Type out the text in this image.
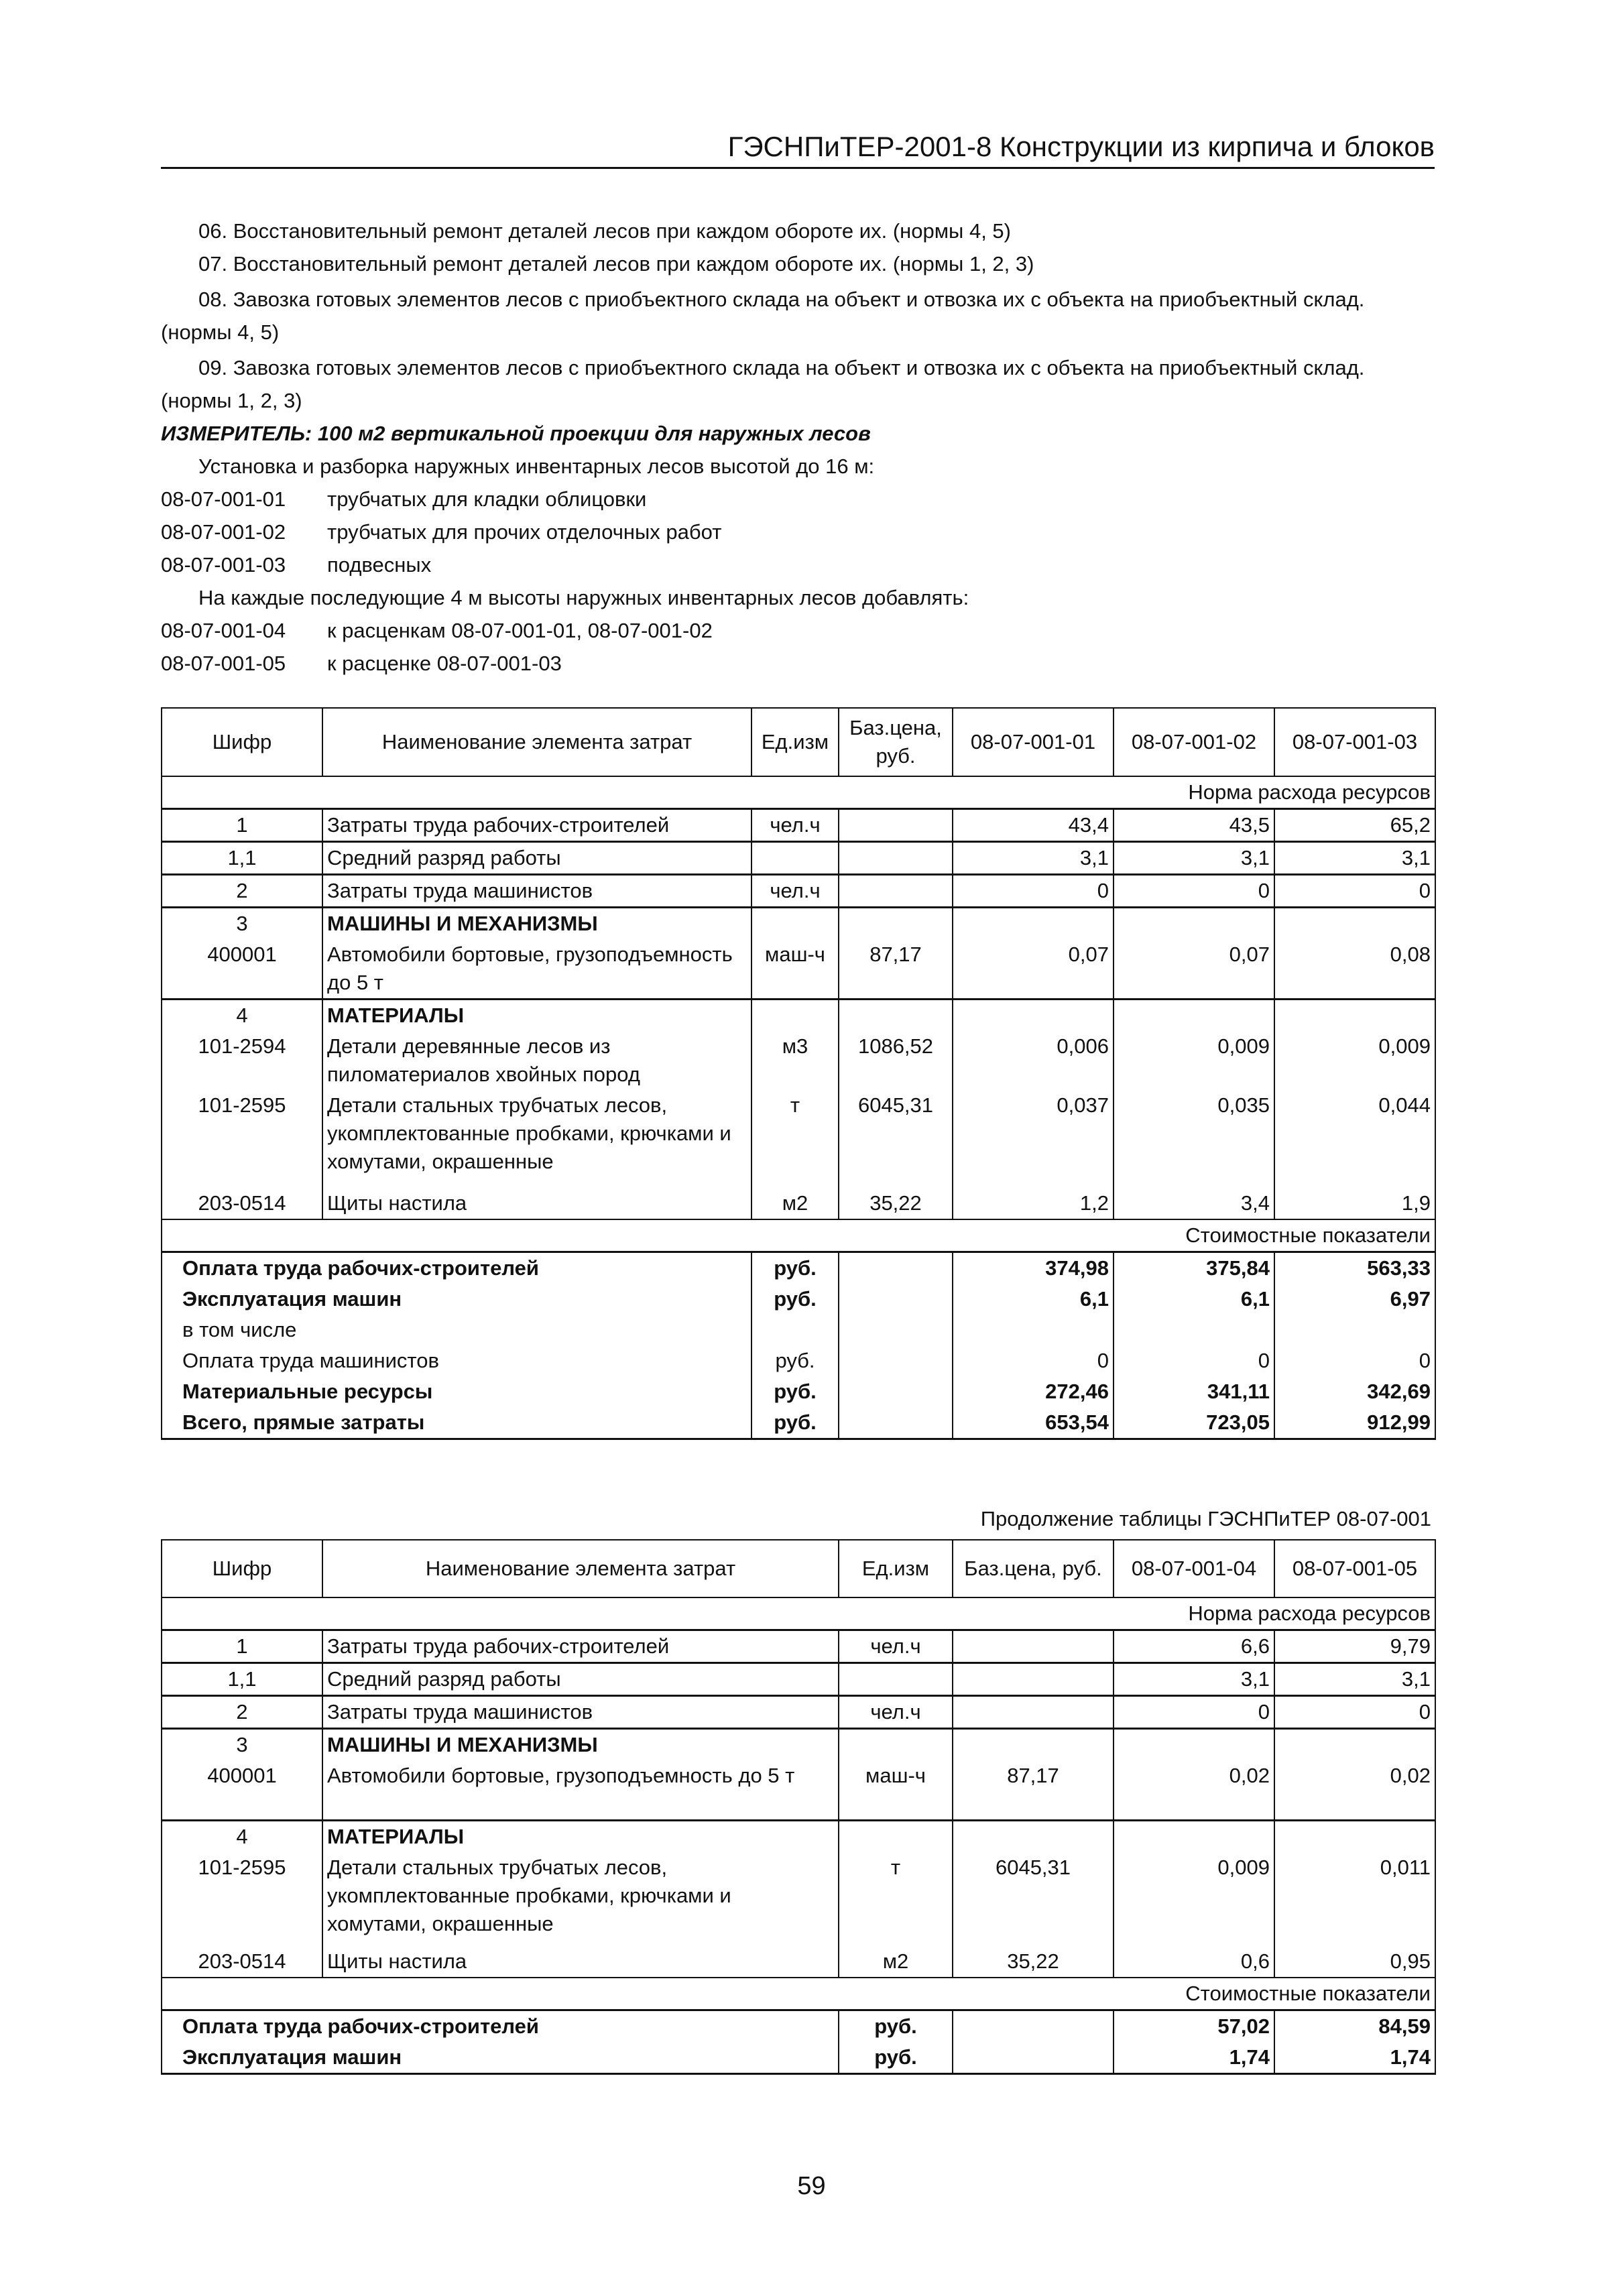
ГЭСНПиТЕР-2001-8 Конструкции из кирпича и блоков

06. Восстановительный ремонт деталей лесов при каждом обороте их. (нормы 4, 5)

07. Восстановительный ремонт деталей лесов при каждом обороте их. (нормы 1, 2, 3)

08. Завозка готовых элементов лесов с приобъектного склада на объект и отвозка их с объекта на приобъектный склад.
(нормы 4, 5)

09. Завозка готовых элементов лесов с приобъектного склада на объект и отвозка их с объекта на приобъектный склад.
(нормы 1, 2, 3)

ИЗМЕРИТЕЛЬ: 100 м2 вертикальной проекции для наружных лесов

Установка и разборка наружных инвентарных лесов высотой до 16 м:

08-07-001-01	трубчатых для кладки облицовки
08-07-001-02	трубчатых для прочих отделочных работ
08-07-001-03	подвесных

На каждые последующие 4 м высоты наружных инвентарных лесов добавлять:

08-07-001-04	к расценкам 08-07-001-01, 08-07-001-02
08-07-001-05	к расценке 08-07-001-03
Шифр	Наименование элемента затрат	Ед.изм	Баз.цена, руб.	08-07-001-01	08-07-001-02	08-07-001-03
Норма расхода ресурсов						
1	Затраты труда рабочих-строителей	чел.ч		43,4	43,5	65,2
1,1	Средний разряд работы			3,1	3,1	3,1
2	Затраты труда машинистов	чел.ч		0	0	0
3	МАШИНЫ И МЕХАНИЗМЫ					
400001	Автомобили бортовые, грузоподъемность до 5 т	маш-ч	87,17	0,07	0,07	0,08
4	МАТЕРИАЛЫ					
101-2594	Детали деревянные лесов из пиломатериалов хвойных пород	м3	1086,52	0,006	0,009	0,009
101-2595	Детали стальных трубчатых лесов, укомплектованные пробками, крючками и хомутами, окрашенные	т	6045,31	0,037	0,035	0,044
203-0514	Щиты настила	м2	35,22	1,2	3,4	1,9
Стоимостные показатели						
Оплата труда рабочих-строителей		руб.		374,98	375,84	563,33
Эксплуатация машин		руб.		6,1	6,1	6,97
в том числе						
Оплата труда машинистов		руб.		0	0	0
Материальные ресурсы		руб.		272,46	341,11	342,69
Всего, прямые затраты		руб.		653,54	723,05	912,99
Продолжение таблицы ГЭСНПиТЕР 08-07-001
Шифр	Наименование элемента затрат	Ед.изм	Баз.цена, руб.	08-07-001-04	08-07-001-05
Норма расхода ресурсов					
1	Затраты труда рабочих-строителей	чел.ч		6,6	9,79
1,1	Средний разряд работы			3,1	3,1
2	Затраты труда машинистов	чел.ч		0	0
3	МАШИНЫ И МЕХАНИЗМЫ				
400001	Автомобили бортовые, грузоподъемность до 5 т	маш-ч	87,17	0,02	0,02
4	МАТЕРИАЛЫ				
101-2595	Детали стальных трубчатых лесов, укомплектованные пробками, крючками и хомутами, окрашенные	т	6045,31	0,009	0,011
203-0514	Щиты настила	м2	35,22	0,6	0,95
Стоимостные показатели					
Оплата труда рабочих-строителей		руб.		57,02	84,59
Эксплуатация машин		руб.		1,74	1,74
59
